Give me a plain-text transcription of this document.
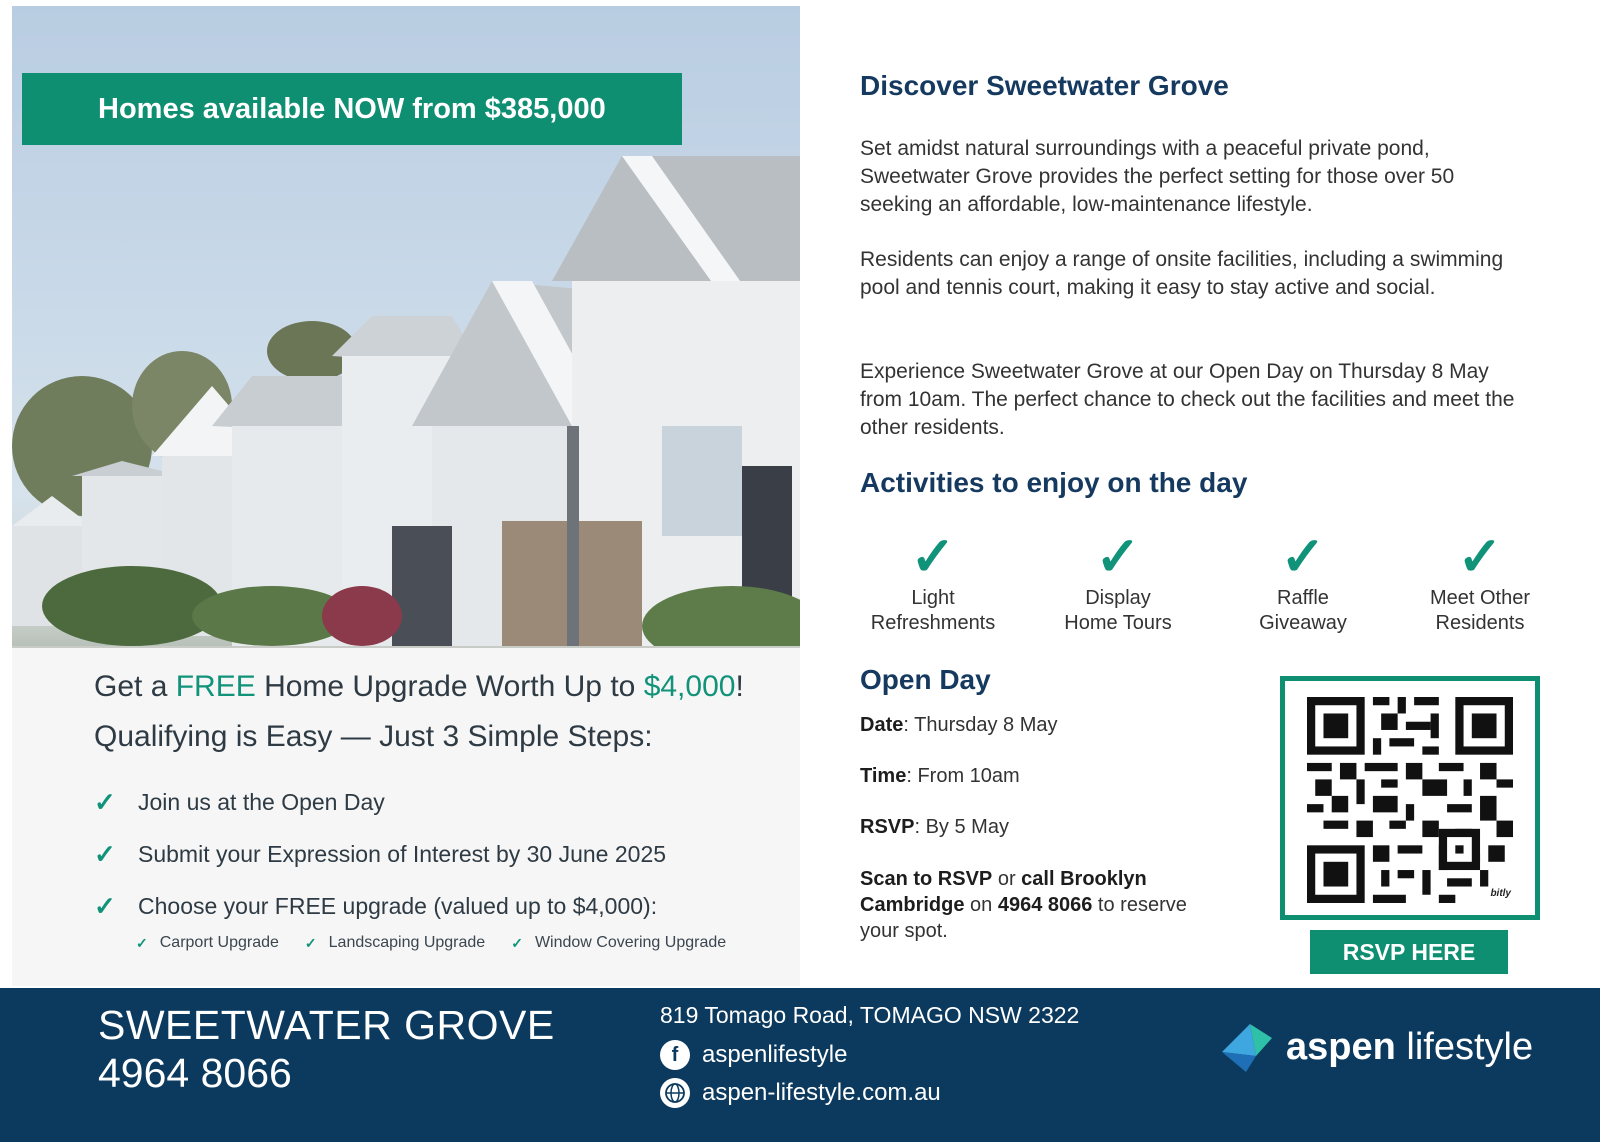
Homes available NOW from $385,000
Get a FREE Home Upgrade Worth Up to $4,000!
Qualifying is Easy — Just 3 Simple Steps:
✓ Join us at the Open Day
✓ Submit your Expression of Interest by 30 June 2025
✓ Choose your FREE upgrade (valued up to $4,000):
✓ Carport Upgrade ✓ Landscaping Upgrade ✓ Window Covering Upgrade
Discover Sweetwater Grove
Set amidst natural surroundings with a peaceful private pond, Sweetwater Grove provides the perfect setting for those over 50 seeking an affordable, low-maintenance lifestyle.
Residents can enjoy a range of onsite facilities, including a swimming pool and tennis court, making it easy to stay active and social.
Experience Sweetwater Grove at our Open Day on Thursday 8 May from 10am. The perfect chance to check out the facilities and meet the other residents.
Activities to enjoy on the day
✓
Light
Refreshments
✓
Display
Home Tours
✓
Raffle
Giveaway
✓
Meet Other
Residents
Open Day
Date: Thursday 8 May
Time: From 10am
RSVP: By 5 May
Scan to RSVP or call Brooklyn Cambridge on 4964 8066 to reserve your spot.
bitly
RSVP HERE
SWEETWATER GROVE
4964 8066
819 Tomago Road, TOMAGO NSW 2322
f aspenlifestyle
aspen-lifestyle.com.au
aspen lifestyle
